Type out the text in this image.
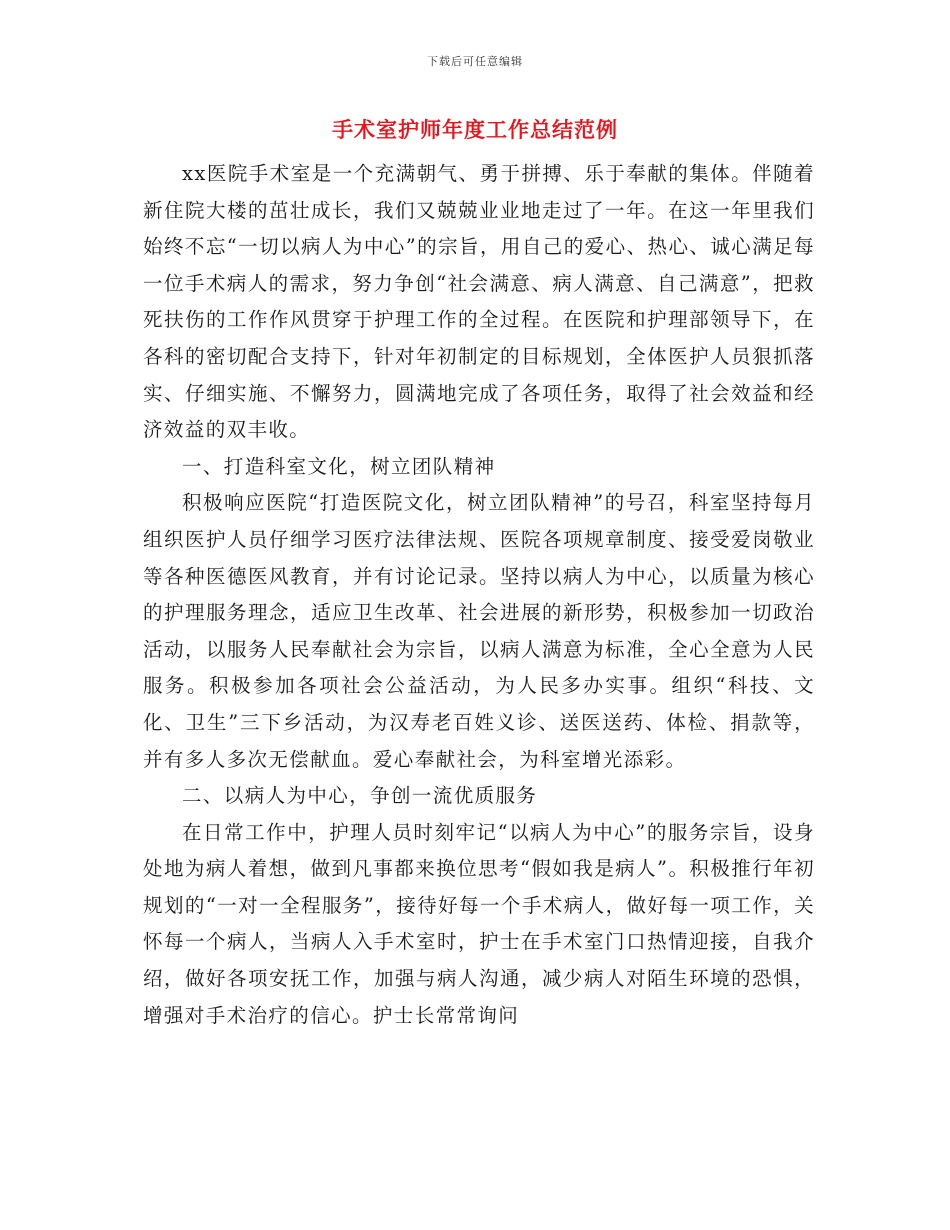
下载后可任意编辑
手术室护师年度工作总结范例

xx医院手术室是一个充满朝气、勇于拼搏、乐于奉献的集体。伴随着新住院大楼的茁壮成长，我们又兢兢业业地走过了一年。在这一年里我们始终不忘“一切以病人为中心”的宗旨，用自己的爱心、热心、诚心满足每一位手术病人的需求，努力争创“社会满意、病人满意、自己满意”，把救死扶伤的工作作风贯穿于护理工作的全过程。在医院和护理部领导下，在各科的密切配合支持下，针对年初制定的目标规划，全体医护人员狠抓落实、仔细实施、不懈努力，圆满地完成了各项任务，取得了社会效益和经济效益的双丰收。

一、打造科室文化，树立团队精神

积极响应医院“打造医院文化，树立团队精神”的号召，科室坚持每月组织医护人员仔细学习医疗法律法规、医院各项规章制度、接受爱岗敬业等各种医德医风教育，并有讨论记录。坚持以病人为中心，以质量为核心的护理服务理念，适应卫生改革、社会进展的新形势，积极参加一切政治活动，以服务人民奉献社会为宗旨，以病人满意为标准，全心全意为人民服务。积极参加各项社会公益活动，为人民多办实事。组织“科技、文化、卫生”三下乡活动，为汉寿老百姓义诊、送医送药、体检、捐款等，并有多人多次无偿献血。爱心奉献社会，为科室增光添彩。

二、以病人为中心，争创一流优质服务

在日常工作中，护理人员时刻牢记“以病人为中心”的服务宗旨，设身处地为病人着想，做到凡事都来换位思考“假如我是病人”。积极推行年初规划的“一对一全程服务”，接待好每一个手术病人，做好每一项工作，关怀每一个病人，当病人入手术室时，护士在手术室门口热情迎接，自我介绍，做好各项安抚工作，加强与病人沟通，减少病人对陌生环境的恐惧，增强对手术治疗的信心。护士长常常询问
